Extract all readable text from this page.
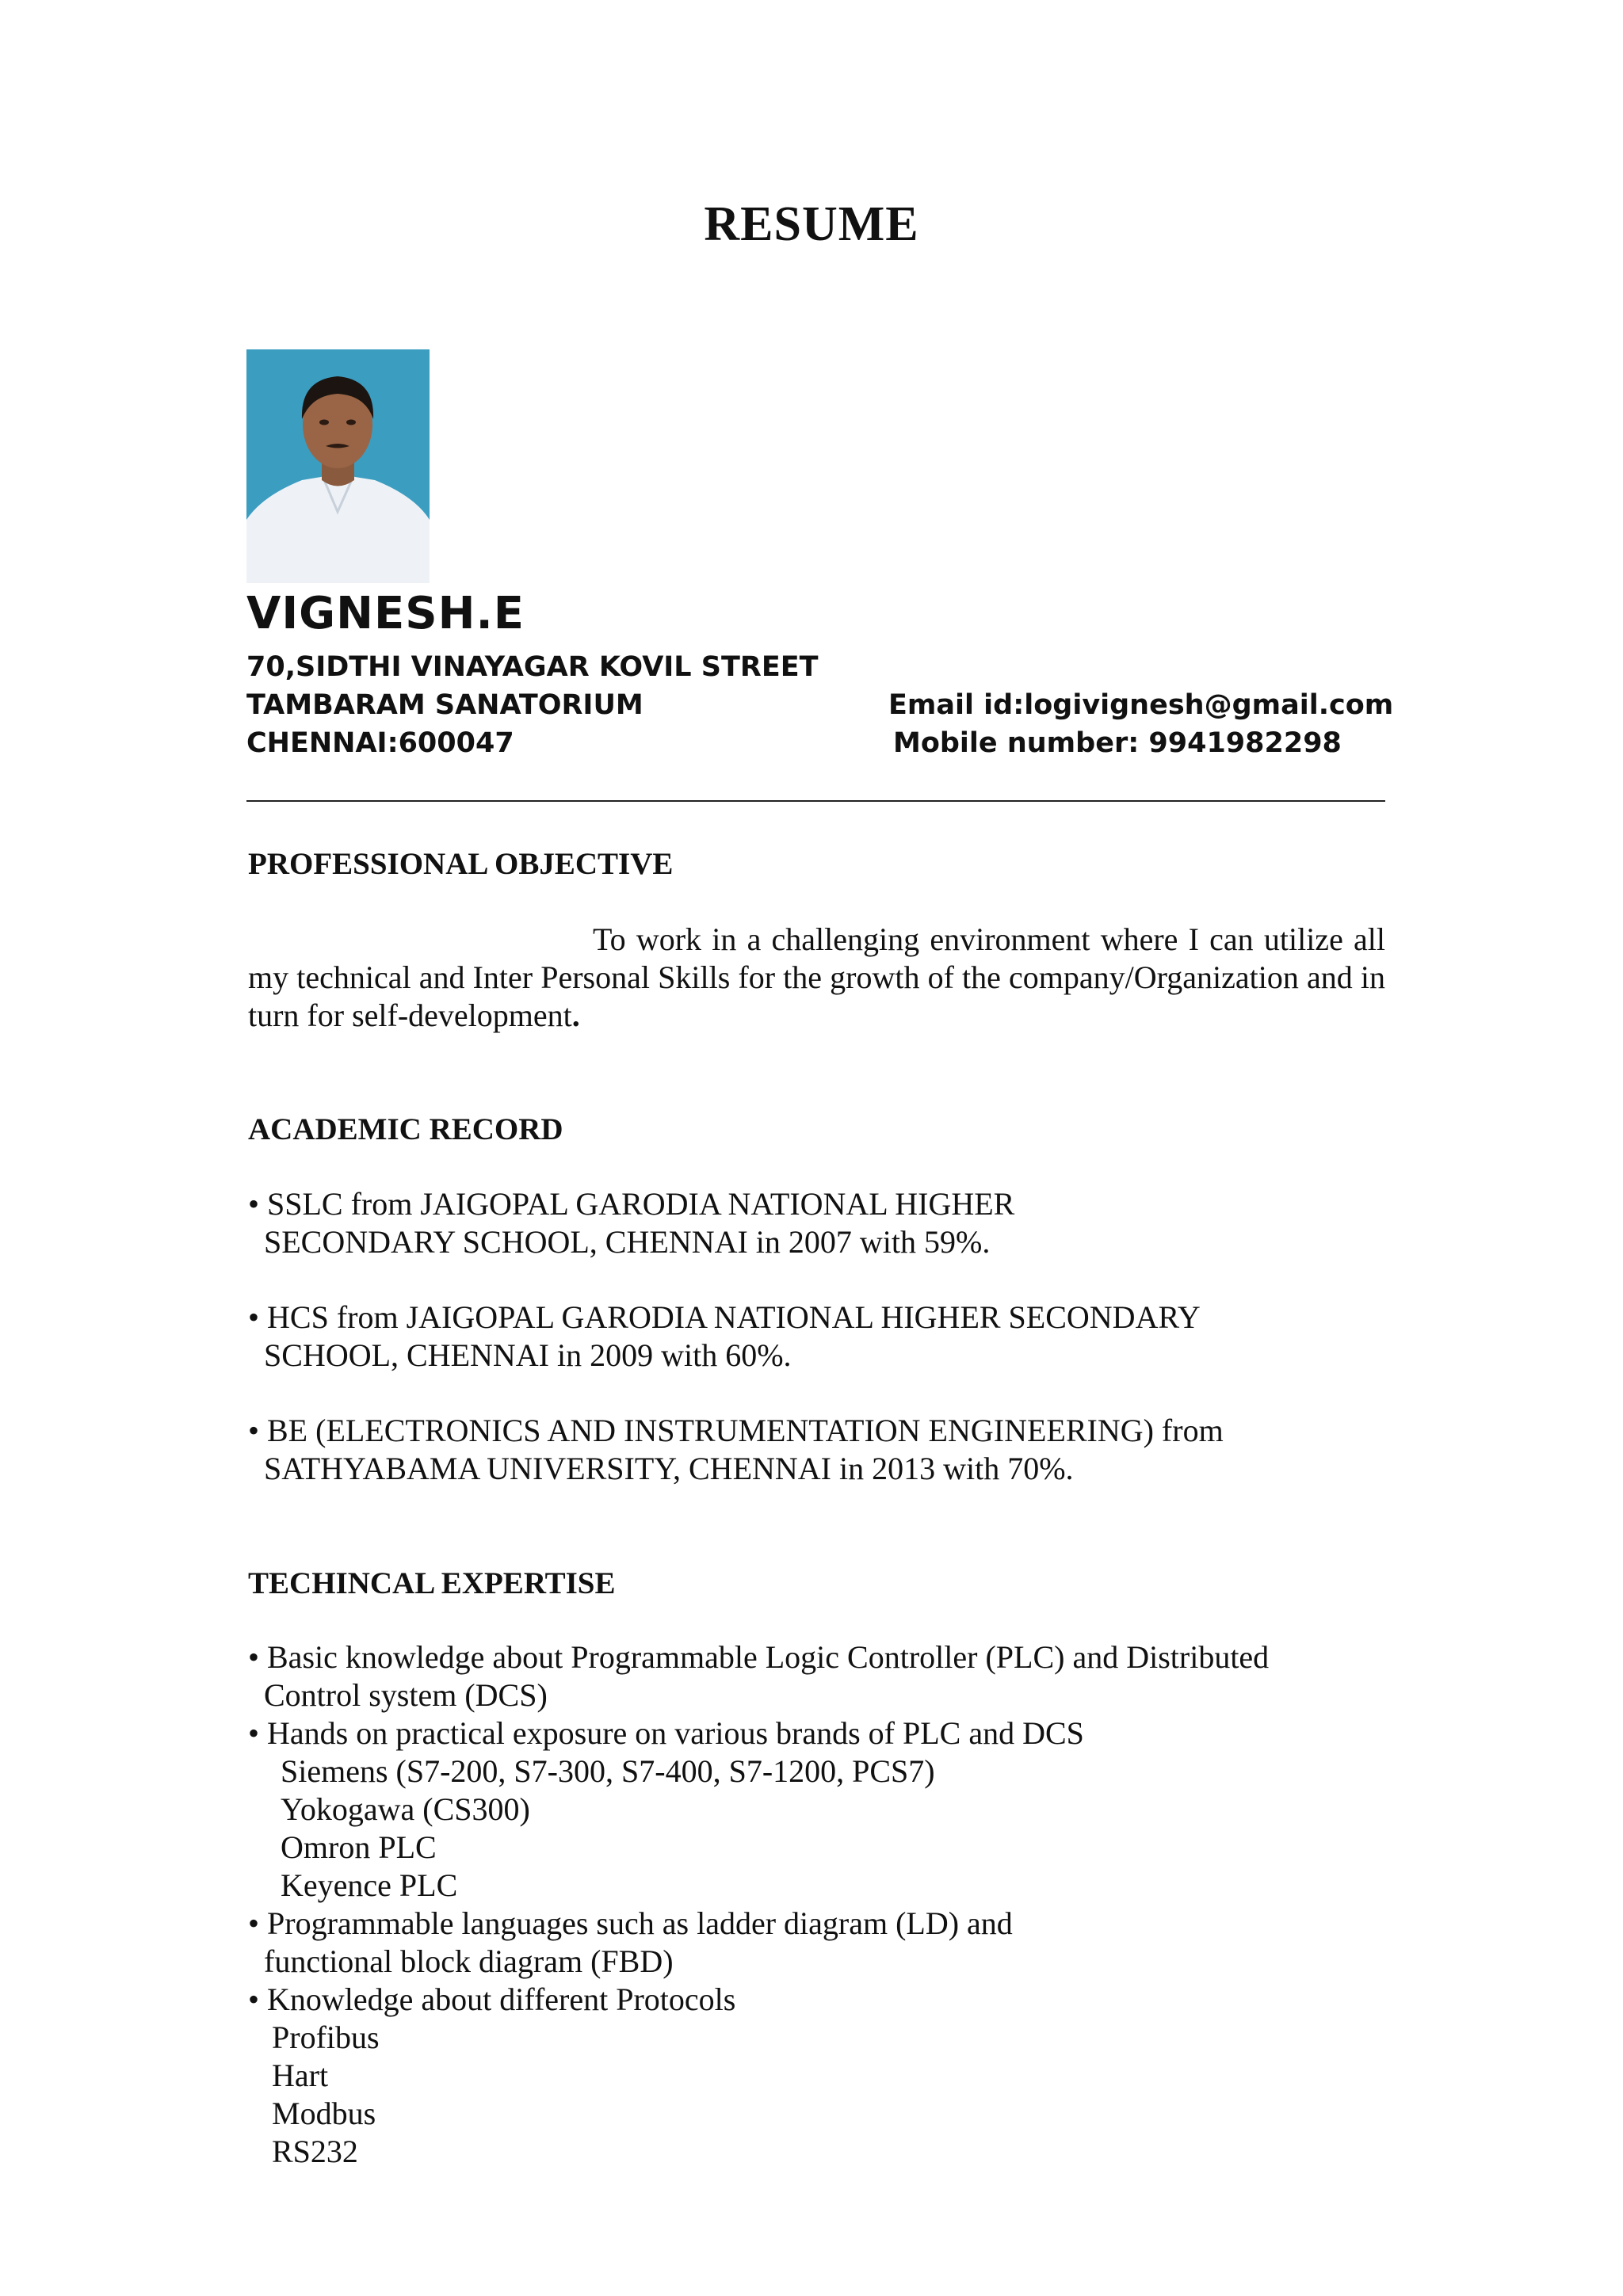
RESUME
VIGNESH.E
70,SIDTHI VINAYAGAR KOVIL STREET
TAMBARAM SANATORIUM
CHENNAI:600047
Email id:logivignesh@gmail.com
Mobile number: 9941982298
PROFESSIONAL OBJECTIVE
To work in a challenging environment where I can utilize all my technical and Inter Personal Skills for the growth of the company/Organization and in turn for self-development.
ACADEMIC RECORD
• SSLC from JAIGOPAL GARODIA NATIONAL HIGHER
SECONDARY SCHOOL, CHENNAI in 2007 with 59%.
• HCS from JAIGOPAL GARODIA NATIONAL HIGHER SECONDARY
SCHOOL, CHENNAI in 2009 with 60%.
• BE (ELECTRONICS AND INSTRUMENTATION ENGINEERING) from
SATHYABAMA UNIVERSITY, CHENNAI in 2013 with 70%.
TECHINCAL EXPERTISE
• Basic knowledge about Programmable Logic Controller (PLC) and Distributed
Control system (DCS)
• Hands on practical exposure on various brands of PLC and DCS
Siemens (S7-200, S7-300, S7-400, S7-1200, PCS7)
Yokogawa (CS300)
Omron PLC
Keyence PLC
• Programmable languages such as ladder diagram (LD) and
functional block diagram (FBD)
• Knowledge about different Protocols
Profibus
Hart
Modbus
RS232
